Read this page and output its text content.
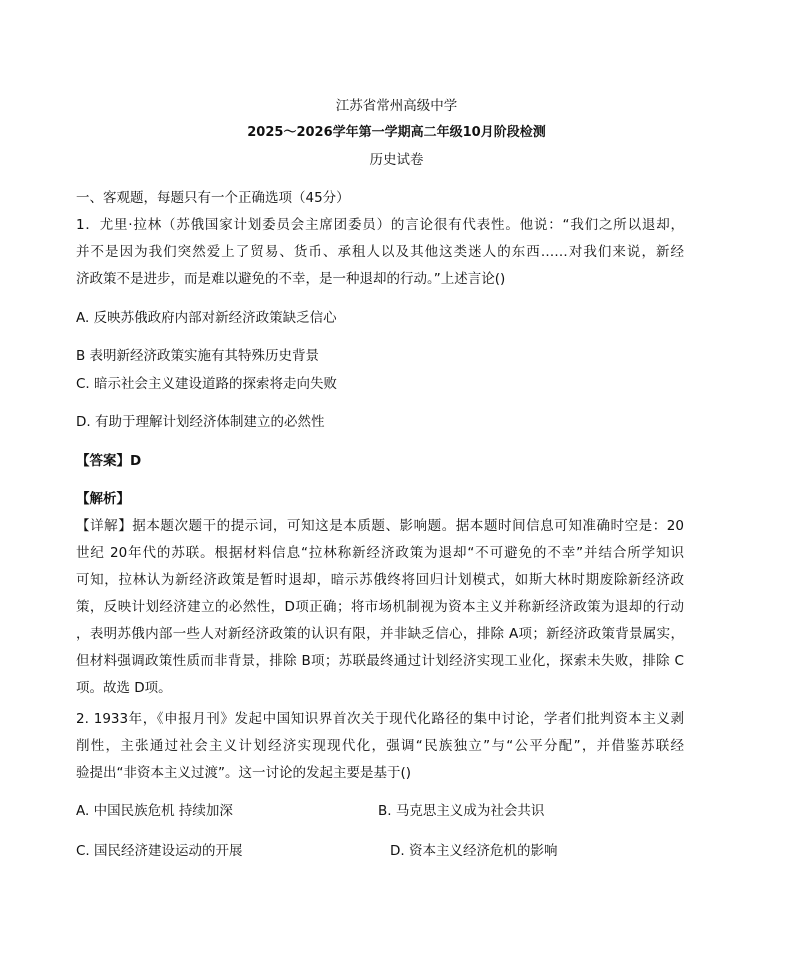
江苏省常州高级中学
2025～2026学年第一学期高二年级10月阶段检测
历史试卷
一、客观题，每题只有一个正确选项（45分）
1．尤里·拉林（苏俄国家计划委员会主席团委员）的言论很有代表性。他说：“我们之所以退却，
并不是因为我们突然爱上了贸易、货币、承租人以及其他这类迷人的东西……对我们来说，新经
济政策不是进步，而是难以避免的不幸，是一种退却的行动。”上述言论()
A. 反映苏俄政府内部对新经济政策缺乏信心
B 表明新经济政策实施有其特殊历史背景
C. 暗示社会主义建设道路的探索将走向失败
D. 有助于理解计划经济体制建立的必然性
【答案】D
【解析】
【详解】据本题次题干的提示词，可知这是本质题、影响题。据本题时间信息可知准确时空是：20
世纪 20年代的苏联。根据材料信息“拉林称新经济政策为退却“不可避免的不幸”并结合所学知识
可知，拉林认为新经济政策是暂时退却，暗示苏俄终将回归计划模式，如斯大林时期废除新经济政
策，反映计划经济建立的必然性，D项正确；将市场机制视为资本主义并称新经济政策为退却的行动
，表明苏俄内部一些人对新经济政策的认识有限，并非缺乏信心，排除 A项；新经济政策背景属实，
但材料强调政策性质而非背景，排除 B项；苏联最终通过计划经济实现工业化，探索未失败，排除 C
项。故选 D项。
2. 1933年，《申报月刊》发起中国知识界首次关于现代化路径的集中讨论，学者们批判资本主义剥
削性，主张通过社会主义计划经济实现现代化，强调“民族独立”与“公平分配”，并借鉴苏联经
验提出“非资本主义过渡”。这一讨论的发起主要是基于()
A. 中国民族危机 持续加深	B. 马克思主义成为社会共识
C. 国民经济建设运动的开展	D. 资本主义经济危机的影响
